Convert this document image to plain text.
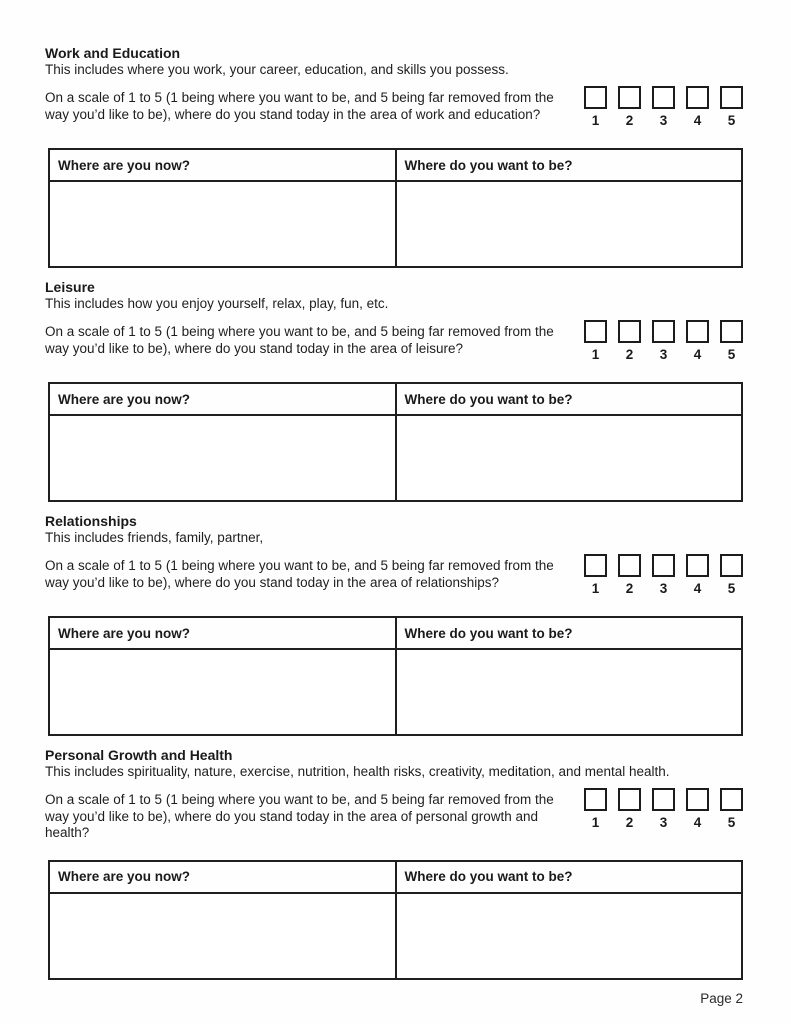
Work and Education

This includes where you work, your career, education, and skills you possess.

On a scale of 1 to 5 (1 being where you want to be, and 5 being far removed from the way you’d like to be), where do you stand today in the area of work and education?	1	2	3	4	5
Where are you now?	Where do you want to be?

Leisure

This includes how you enjoy yourself, relax, play, fun, etc.

On a scale of 1 to 5 (1 being where you want to be, and 5 being far removed from the way you’d like to be), where do you stand today in the area of leisure?	1	2	3	4	5
Where are you now?	Where do you want to be?

Relationships

This includes friends, family, partner,

On a scale of 1 to 5 (1 being where you want to be, and 5 being far removed from the way you’d like to be), where do you stand today in the area of relationships?	1	2	3	4	5
Where are you now?	Where do you want to be?

Personal Growth and Health

This includes spirituality, nature, exercise, nutrition, health risks, creativity, meditation, and mental health.

On a scale of 1 to 5 (1 being where you want to be, and 5 being far removed from the way you’d like to be), where do you stand today in the area of personal growth and health?

1	2	3	4	5
Where are you now?	Where do you want to be?

Page 2
